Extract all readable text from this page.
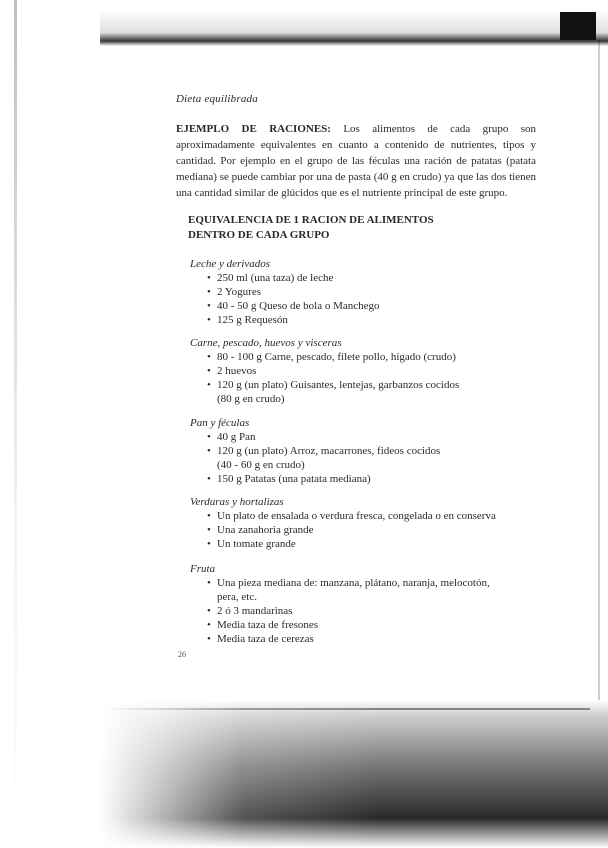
Dieta equilibrada

EJEMPLO DE RACIONES: Los alimentos de cada grupo son aproximadamente equivalentes en cuanto a contenido de nutrientes, tipos y cantidad. Por ejemplo en el grupo de las féculas una ración de patatas (patata mediana) se puede cambiar por una de pasta (40 g en crudo) ya que las dos tienen una cantidad similar de glúcidos que es el nutriente principal de este grupo.

EQUIVALENCIA DE 1 RACION DE ALIMENTOS
DENTRO DE CADA GRUPO
Leche y derivados
• 250 ml (una taza) de leche
• 2 Yogures
• 40 - 50 g Queso de bola o Manchego
• 125 g Requesón
Carne, pescado, huevos y visceras
• 80 - 100 g Carne, pescado, filete pollo, hígado (crudo)
• 2 huevos
• 120 g (un plato) Guisantes, lentejas, garbanzos cocidos
(80 g en crudo)
Pan y féculas
• 40 g Pan
• 120 g (un plato) Arroz, macarrones, fideos cocidos
(40 - 60 g en crudo)
• 150 g Patatas (una patata mediana)
Verduras y hortalizas
• Un plato de ensalada o verdura fresca, congelada o en conserva
• Una zanahoria grande
• Un tomate grande
Fruta
• Una pieza mediana de: manzana, plátano, naranja, melocotón,
pera, etc.
• 2 ó 3 mandarinas
• Media taza de fresones
• Media taza de cerezas
26
